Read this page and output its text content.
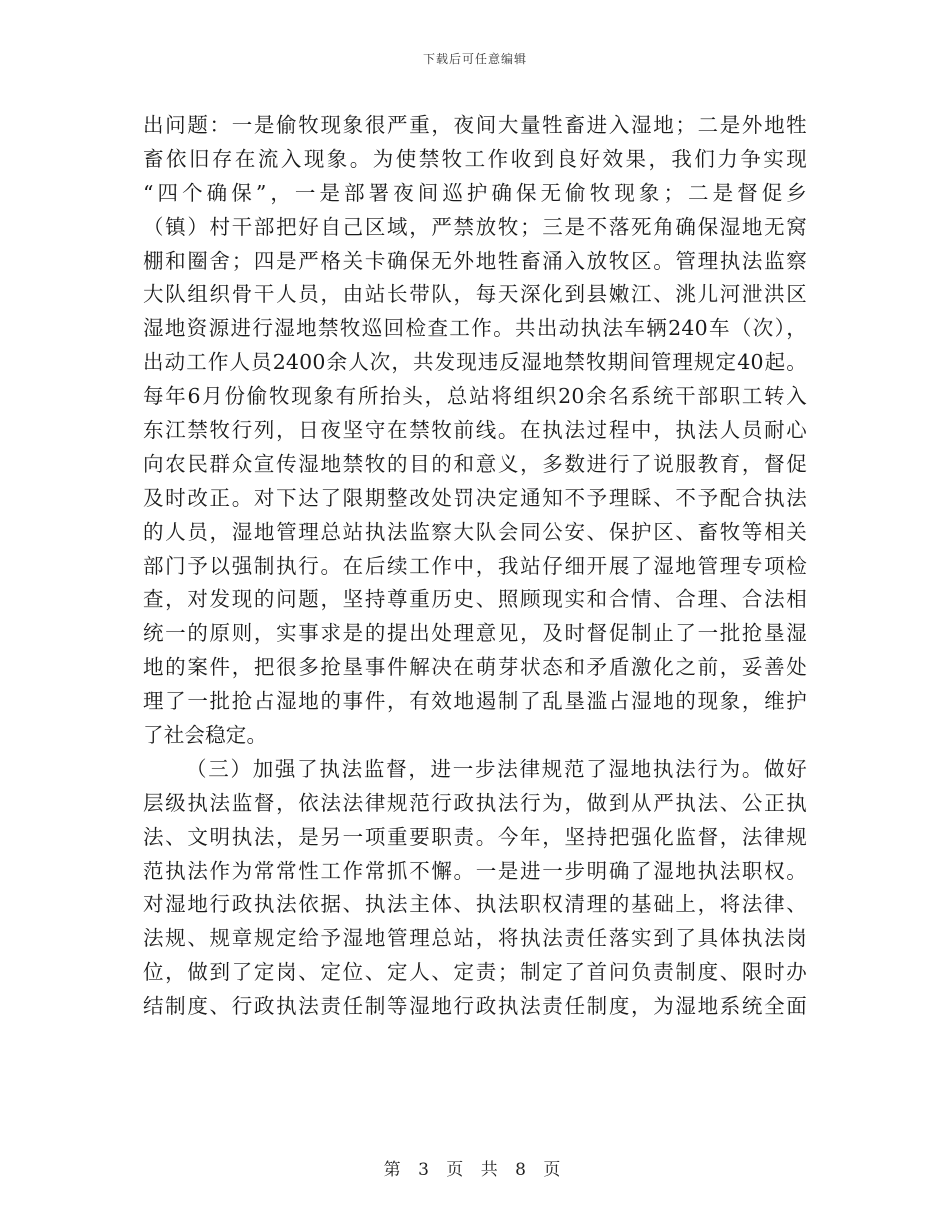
下载后可任意编辑
出问题：一是偷牧现象很严重，夜间大量牲畜进入湿地；二是外地牲
畜依旧存在流入现象。为使禁牧工作收到良好效果，我们力争实现
“四个确保”，一是部署夜间巡护确保无偷牧现象；二是督促乡
（镇）村干部把好自己区域，严禁放牧；三是不落死角确保湿地无窝
棚和圈舍；四是严格关卡确保无外地牲畜涌入放牧区。管理执法监察
大队组织骨干人员，由站长带队，每天深化到县嫩江、洮儿河泄洪区
湿地资源进行湿地禁牧巡回检查工作。共出动执法车辆240车（次），
出动工作人员2400余人次，共发现违反湿地禁牧期间管理规定40起。
每年6月份偷牧现象有所抬头，总站将组织20余名系统干部职工转入
东江禁牧行列，日夜坚守在禁牧前线。在执法过程中，执法人员耐心
向农民群众宣传湿地禁牧的目的和意义，多数进行了说服教育，督促
及时改正。对下达了限期整改处罚决定通知不予理睬、不予配合执法
的人员，湿地管理总站执法监察大队会同公安、保护区、畜牧等相关
部门予以强制执行。在后续工作中，我站仔细开展了湿地管理专项检
查，对发现的问题，坚持尊重历史、照顾现实和合情、合理、合法相
统一的原则，实事求是的提出处理意见，及时督促制止了一批抢垦湿
地的案件，把很多抢垦事件解决在萌芽状态和矛盾激化之前，妥善处
理了一批抢占湿地的事件，有效地遏制了乱垦滥占湿地的现象，维护
了社会稳定。
（三）加强了执法监督，进一步法律规范了湿地执法行为。做好
层级执法监督，依法法律规范行政执法行为，做到从严执法、公正执
法、文明执法，是另一项重要职责。今年，坚持把强化监督，法律规
范执法作为常常性工作常抓不懈。一是进一步明确了湿地执法职权。
对湿地行政执法依据、执法主体、执法职权清理的基础上，将法律、
法规、规章规定给予湿地管理总站，将执法责任落实到了具体执法岗
位，做到了定岗、定位、定人、定责；制定了首问负责制度、限时办
结制度、行政执法责任制等湿地行政执法责任制度，为湿地系统全面
第 3 页 共 8 页
